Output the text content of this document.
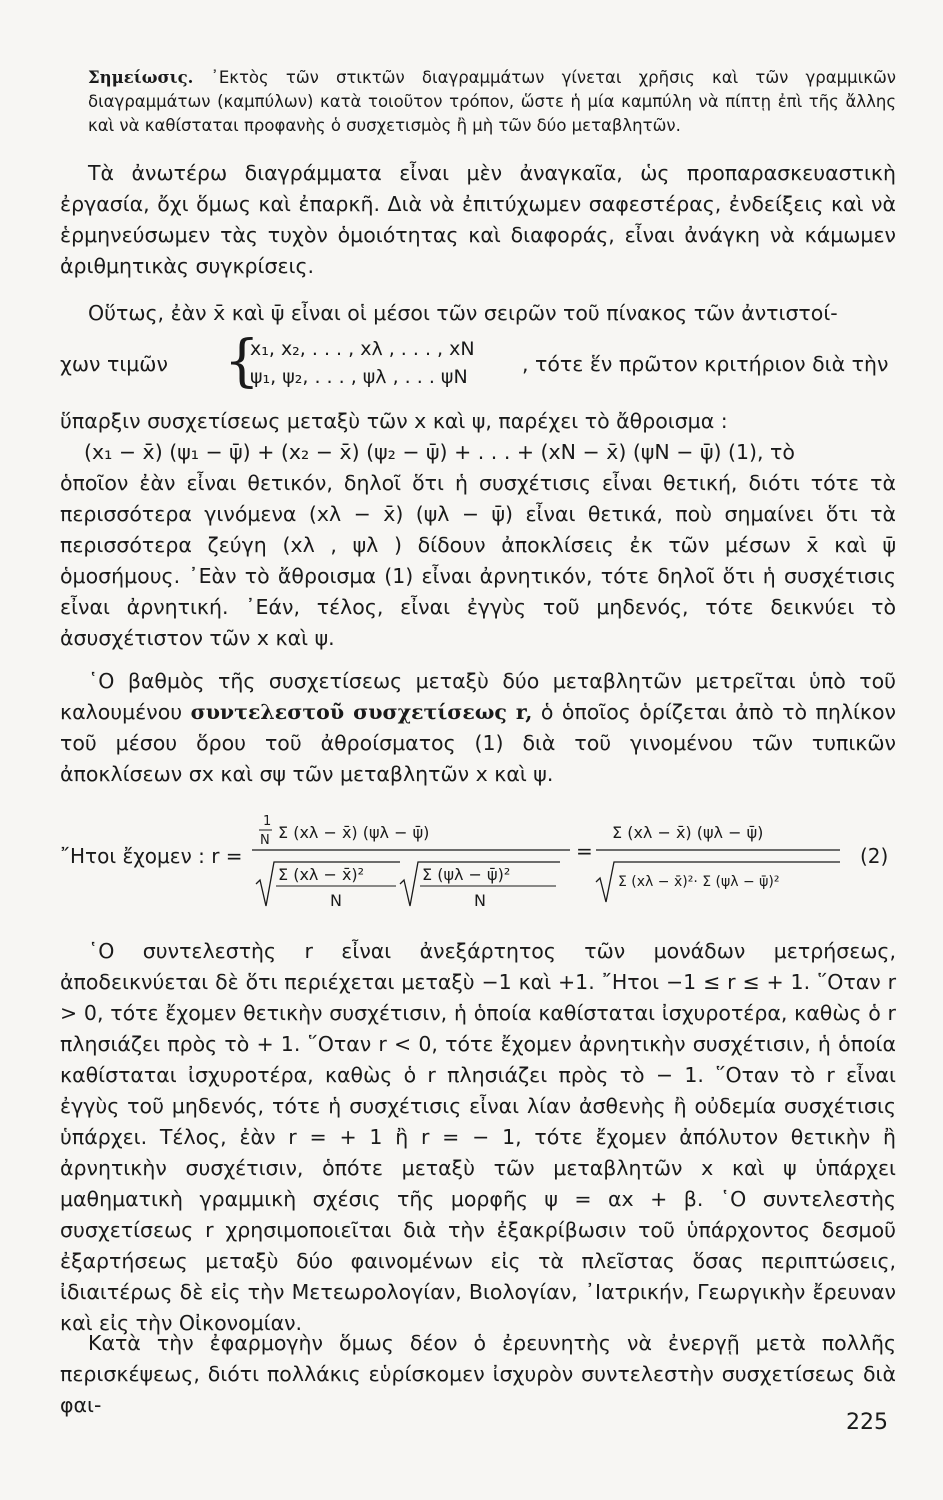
Σημείωσις. ᾿Εκτὸς τῶν στικτῶν διαγραμμάτων γίνεται χρῆσις καὶ τῶν γραμμικῶν διαγραμμάτων (καμπύλων) κατὰ τοιοῦτον τρόπον, ὥστε ἡ μία καμπύλη νὰ πίπτῃ ἐπὶ τῆς ἄλλης καὶ νὰ καθίσταται προφανὴς ὁ συσχετισμὸς ἢ μὴ τῶν δύο μεταβλητῶν.

Τὰ ἀνωτέρω διαγράμματα εἶναι μὲν ἀναγκαῖα, ὡς προπαρασκευαστικὴ ἐργασία, ὄχι ὅμως καὶ ἐπαρκῆ. Διὰ νὰ ἐπιτύχωμεν σαφεστέρας, ἐνδείξεις καὶ νὰ ἑρμηνεύσωμεν τὰς τυχὸν ὁμοιότητας καὶ διαφοράς, εἶναι ἀνάγκη νὰ κάμωμεν ἀριθμητικὰς συγκρίσεις.

Οὕτως, ἐὰν x̄ καὶ ψ̄ εἶναι οἱ μέσοι τῶν σειρῶν τοῦ πίνακος τῶν ἀντιστοί-

χων τιμῶν {
x₁, x₂, . . . , xλ , . . . , xN
ψ₁, ψ₂, . . . , ψλ , . . . ψN
, τότε ἕν πρῶτον κριτήριον διὰ τὴν

ὕπαρξιν συσχετίσεως μεταξὺ τῶν x καὶ ψ, παρέχει τὸ ἄθροισμα :

(x₁ − x̄) (ψ₁ − ψ̄) + (x₂ − x̄) (ψ₂ − ψ̄) + . . . + (xN − x̄) (ψN − ψ̄) (1), τὸ

ὁποῖον ἐὰν εἶναι θετικόν, δηλοῖ ὅτι ἡ συσχέτισις εἶναι θετική, διότι τότε τὰ περισσότερα γινόμενα (xλ − x̄) (ψλ − ψ̄) εἶναι θετικά, ποὺ σημαίνει ὅτι τὰ περισσότερα ζεύγη (xλ , ψλ ) δίδουν ἀποκλίσεις ἐκ τῶν μέσων x̄ καὶ ψ̄ ὁμοσήμους. ᾿Εὰν τὸ ἄθροισμα (1) εἶναι ἀρνητικόν, τότε δηλοῖ ὅτι ἡ συσχέτισις εἶναι ἀρνητική. ᾿Εάν, τέλος, εἶναι ἐγγὺς τοῦ μηδενός, τότε δεικνύει τὸ ἀσυσχέτιστον τῶν x καὶ ψ.

῾Ο βαθμὸς τῆς συσχετίσεως μεταξὺ δύο μεταβλητῶν μετρεῖται ὑπὸ τοῦ καλουμένου συντελεστοῦ συσχετίσεως r, ὁ ὁποῖος ὁρίζεται ἀπὸ τὸ πηλίκον τοῦ μέσου ὅρου τοῦ ἀθροίσματος (1) διὰ τοῦ γινομένου τῶν τυπικῶν ἀποκλίσεων σx καὶ σψ τῶν μεταβλητῶν x καὶ ψ.

῎Ητοι ἔχομεν : r =
1
N Σ (xλ − x̄) (ψλ − ψ̄)
Σ (xλ − x̄)²
N
Σ (ψλ − ψ̄)²
N
=
Σ (xλ − x̄) (ψλ − ψ̄)
Σ (xλ − x̄)²· Σ (ψλ − ψ̄)²
(2)

῾Ο συντελεστὴς r εἶναι ἀνεξάρτητος τῶν μονάδων μετρήσεως, ἀποδεικνύεται δὲ ὅτι περιέχεται μεταξὺ −1 καὶ +1. ῎Ητοι −1 ≤ r ≤ + 1. ῞Οταν r > 0, τότε ἔχομεν θετικὴν συσχέτισιν, ἡ ὁποία καθίσταται ἰσχυροτέρα, καθὼς ὁ r πλησιάζει πρὸς τὸ + 1. ῞Οταν r < 0, τότε ἔχομεν ἀρνητικὴν συσχέτισιν, ἡ ὁποία καθίσταται ἰσχυροτέρα, καθὼς ὁ r πλησιάζει πρὸς τὸ − 1. ῞Οταν τὸ r εἶναι ἐγγὺς τοῦ μηδενός, τότε ἡ συσχέτισις εἶναι λίαν ἀσθενὴς ἢ οὐδεμία συσχέτισις ὑπάρχει. Τέλος, ἐὰν r = + 1 ἢ r = − 1, τότε ἔχομεν ἀπόλυτον θετικὴν ἢ ἀρνητικὴν συσχέτισιν, ὁπότε μεταξὺ τῶν μεταβλητῶν x καὶ ψ ὑπάρχει μαθηματικὴ γραμμικὴ σχέσις τῆς μορφῆς ψ = αx + β. ῾Ο συντελεστὴς συσχετίσεως r χρησιμοποιεῖται διὰ τὴν ἐξακρίβωσιν τοῦ ὑπάρχοντος δεσμοῦ ἐξαρτήσεως μεταξὺ δύο φαινομένων εἰς τὰ πλεῖστας ὅσας περιπτώσεις, ἰδιαιτέρως δὲ εἰς τὴν Μετεωρολογίαν, Βιολογίαν, ᾿Ιατρικήν, Γεωργικὴν ἔρευναν καὶ εἰς τὴν Οἰκονομίαν.

Κατὰ τὴν ἐφαρμογὴν ὅμως δέον ὁ ἐρευνητὴς νὰ ἐνεργῇ μετὰ πολλῆς περισκέψεως, διότι πολλάκις εὑρίσκομεν ἰσχυρὸν συντελεστὴν συσχετίσεως διὰ φαι-

225
